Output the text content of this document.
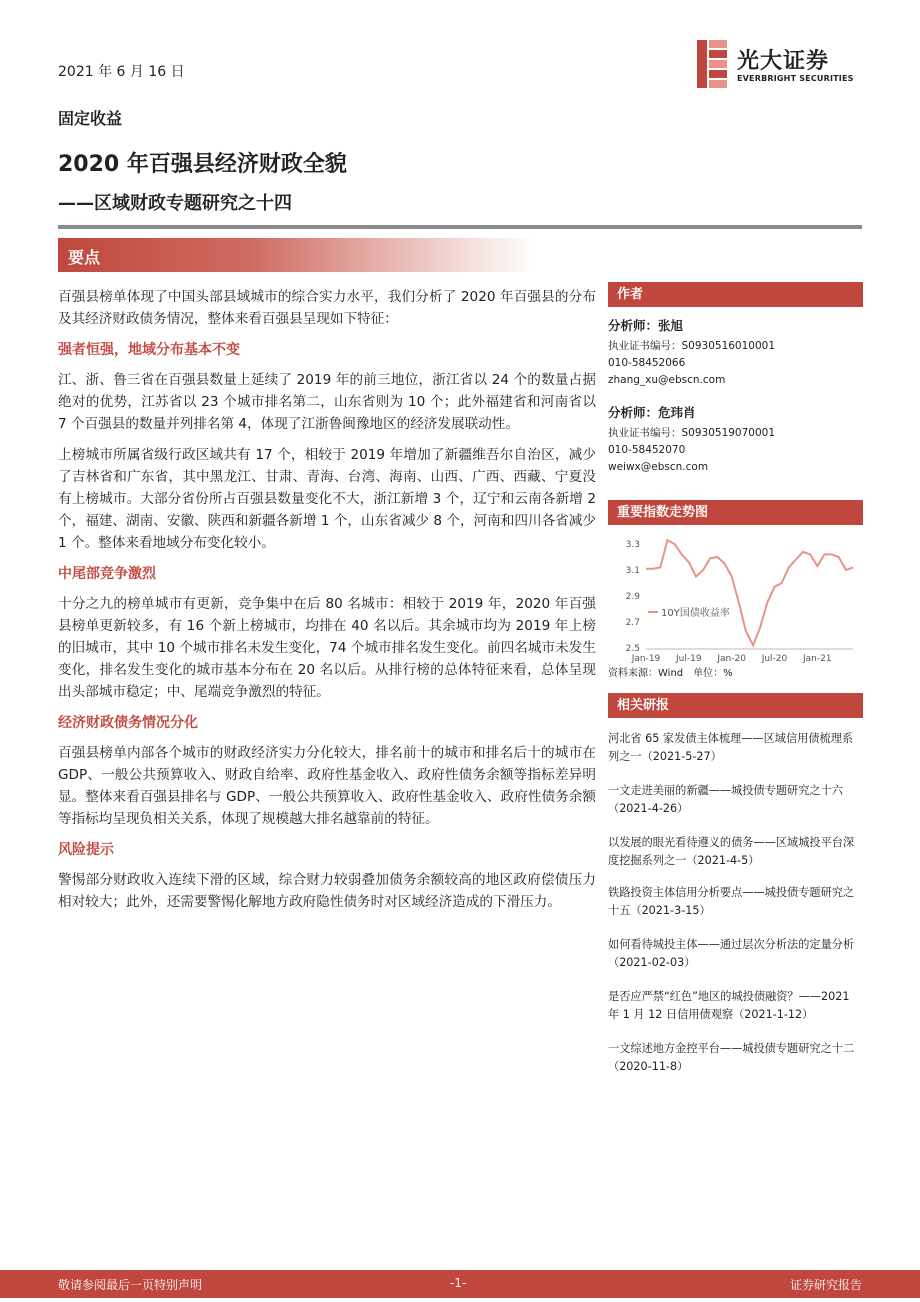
2021 年 6 月 16 日	光大证券
EVERBRIGHT SECURITIES
固定收益
2020 年百强县经济财政全貌
——区域财政专题研究之十四
要点

百强县榜单体现了中国头部县域城市的综合实力水平，我们分析了 2020 年百强县的分布及其经济财政债务情况，整体来看百强县呈现如下特征：

强者恒强，地域分布基本不变

江、浙、鲁三省在百强县数量上延续了 2019 年的前三地位，浙江省以 24 个的数量占据绝对的优势，江苏省以 23 个城市排名第二，山东省则为 10 个；此外福建省和河南省以 7 个百强县的数量并列排名第 4，体现了江浙鲁闽豫地区的经济发展联动性。

上榜城市所属省级行政区域共有 17 个，相较于 2019 年增加了新疆维吾尔自治区，减少了吉林省和广东省，其中黑龙江、甘肃、青海、台湾、海南、山西、广西、西藏、宁夏没有上榜城市。大部分省份所占百强县数量变化不大，浙江新增 3 个，辽宁和云南各新增 2 个，福建、湖南、安徽、陕西和新疆各新增 1 个，山东省减少 8 个，河南和四川各省减少 1 个。整体来看地域分布变化较小。

中尾部竞争激烈

十分之九的榜单城市有更新，竞争集中在后 80 名城市：相较于 2019 年，2020 年百强县榜单更新较多，有 16 个新上榜城市，均排在 40 名以后。其余城市均为 2019 年上榜的旧城市，其中 10 个城市排名未发生变化，74 个城市排名发生变化。前四名城市未发生变化，排名发生变化的城市基本分布在 20 名以后。从排行榜的总体特征来看，总体呈现出头部城市稳定；中、尾端竞争激烈的特征。

经济财政债务情况分化

百强县榜单内部各个城市的财政经济实力分化较大，排名前十的城市和排名后十的城市在 GDP、一般公共预算收入、财政自给率、政府性基金收入、政府性债务余额等指标差异明显。整体来看百强县排名与 GDP、一般公共预算收入、政府性基金收入、政府性债务余额等指标均呈现负相关关系，体现了规模越大排名越靠前的特征。

风险提示

警惕部分财政收入连续下滑的区域，综合财力较弱叠加债务余额较高的地区政府偿债压力相对较大；此外，还需要警惕化解地方政府隐性债务时对区域经济造成的下滑压力。

作者
分析师：张旭
执业证书编号：S0930516010001
010-58452066
zhang_xu@ebscn.com
分析师：危玮肖
执业证书编号：S0930519070001
010-58452070
weiwx@ebscn.com
重要指数走势图
3.3
3.1
2.9
2.7
2.5
Jan-19 Jul-19 Jan-20 Jul-20 Jan-21
10Y国债收益率
资料来源：Wind　单位：%
相关研报
河北省 65 家发债主体梳理——区域信用债梳理系列之一（2021-5-27）
一文走进美丽的新疆——城投债专题研究之十六（2021-4-26）
以发展的眼光看待遵义的债务——区域城投平台深度挖掘系列之一（2021-4-5）
铁路投资主体信用分析要点——城投债专题研究之十五（2021-3-15）
如何看待城投主体——通过层次分析法的定量分析（2021-02-03）
是否应严禁“红色”地区的城投债融资？——2021 年 1 月 12 日信用债观察（2021-1-12）
一文综述地方金控平台——城投债专题研究之十二（2020-11-8）
敬请参阅最后一页特别声明	-1-	证券研究报告
